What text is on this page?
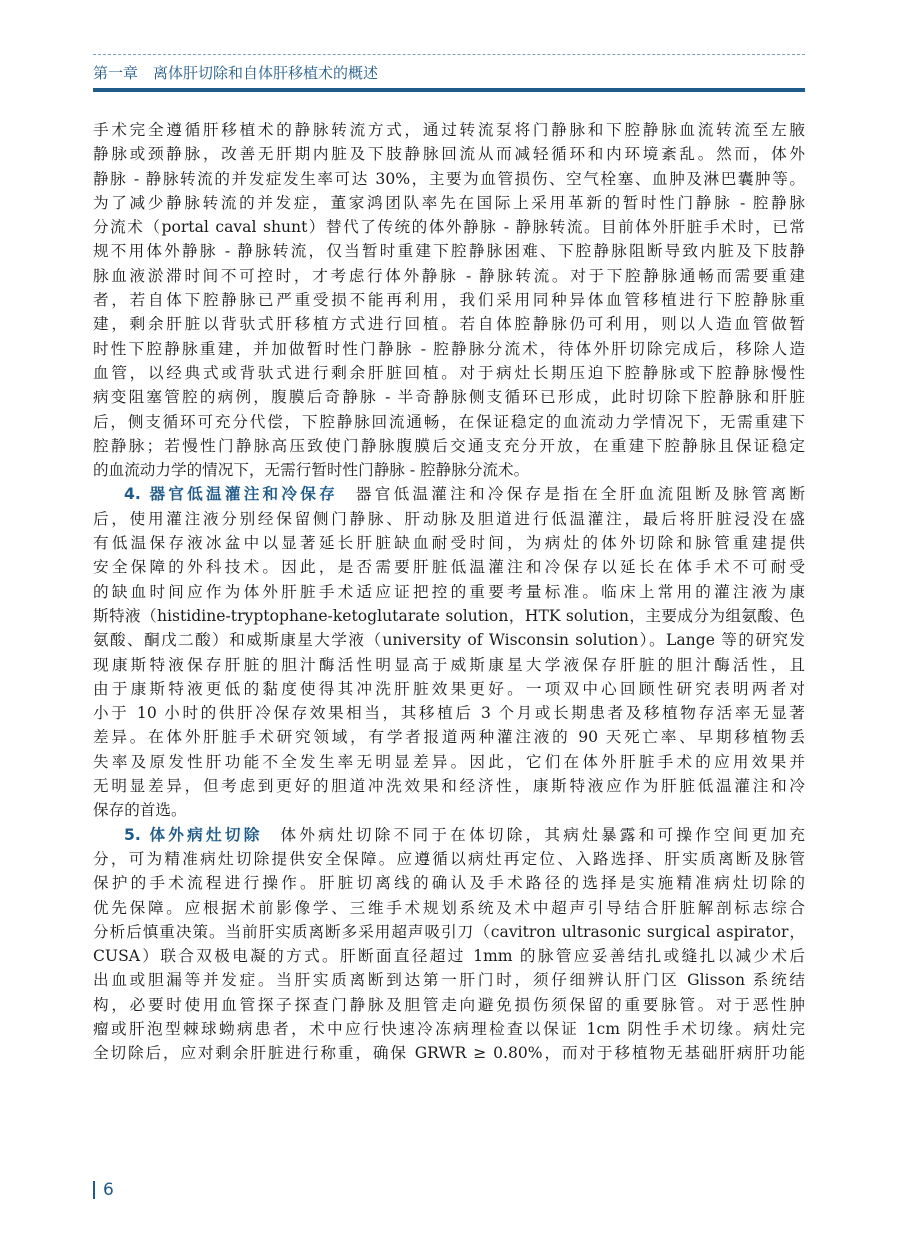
第一章　离体肝切除和自体肝移植术的概述
手术完全遵循肝移植术的静脉转流方式，通过转流泵将门静脉和下腔静脉血流转流至左腋
静脉或颈静脉，改善无肝期内脏及下肢静脉回流从而减轻循环和内环境紊乱。然而，体外
静脉 - 静脉转流的并发症发生率可达 30%，主要为血管损伤、空气栓塞、血肿及淋巴囊肿等。
为了减少静脉转流的并发症，董家鸿团队率先在国际上采用革新的暂时性门静脉 - 腔静脉
分流术（portal caval shunt）替代了传统的体外静脉 - 静脉转流。目前体外肝脏手术时，已常
规不用体外静脉 - 静脉转流，仅当暂时重建下腔静脉困难、下腔静脉阻断导致内脏及下肢静
脉血液淤滞时间不可控时，才考虑行体外静脉 - 静脉转流。对于下腔静脉通畅而需要重建
者，若自体下腔静脉已严重受损不能再利用，我们采用同种异体血管移植进行下腔静脉重
建，剩余肝脏以背驮式肝移植方式进行回植。若自体腔静脉仍可利用，则以人造血管做暂
时性下腔静脉重建，并加做暂时性门静脉 - 腔静脉分流术，待体外肝切除完成后，移除人造
血管，以经典式或背驮式进行剩余肝脏回植。对于病灶长期压迫下腔静脉或下腔静脉慢性
病变阻塞管腔的病例，腹膜后奇静脉 - 半奇静脉侧支循环已形成，此时切除下腔静脉和肝脏
后，侧支循环可充分代偿，下腔静脉回流通畅，在保证稳定的血流动力学情况下，无需重建下
腔静脉；若慢性门静脉高压致使门静脉腹膜后交通支充分开放，在重建下腔静脉且保证稳定
的血流动力学的情况下，无需行暂时性门静脉 - 腔静脉分流术。
4. 器官低温灌注和冷保存 器官低温灌注和冷保存是指在全肝血流阻断及脉管离断
后，使用灌注液分别经保留侧门静脉、肝动脉及胆道进行低温灌注，最后将肝脏浸没在盛
有低温保存液冰盆中以显著延长肝脏缺血耐受时间，为病灶的体外切除和脉管重建提供
安全保障的外科技术。因此，是否需要肝脏低温灌注和冷保存以延长在体手术不可耐受
的缺血时间应作为体外肝脏手术适应证把控的重要考量标准。临床上常用的灌注液为康
斯特液（histidine-tryptophane-ketoglutarate solution，HTK solution，主要成分为组氨酸、色
氨酸、酮戊二酸）和威斯康星大学液（university of Wisconsin solution）。Lange 等的研究发
现康斯特液保存肝脏的胆汁酶活性明显高于威斯康星大学液保存肝脏的胆汁酶活性，且
由于康斯特液更低的黏度使得其冲洗肝脏效果更好。一项双中心回顾性研究表明两者对
小于 10 小时的供肝冷保存效果相当，其移植后 3 个月或长期患者及移植物存活率无显著
差异。在体外肝脏手术研究领域，有学者报道两种灌注液的 90 天死亡率、早期移植物丢
失率及原发性肝功能不全发生率无明显差异。因此，它们在体外肝脏手术的应用效果并
无明显差异，但考虑到更好的胆道冲洗效果和经济性，康斯特液应作为肝脏低温灌注和冷
保存的首选。
5. 体外病灶切除 体外病灶切除不同于在体切除，其病灶暴露和可操作空间更加充
分，可为精准病灶切除提供安全保障。应遵循以病灶再定位、入路选择、肝实质离断及脉管
保护的手术流程进行操作。肝脏切离线的确认及手术路径的选择是实施精准病灶切除的
优先保障。应根据术前影像学、三维手术规划系统及术中超声引导结合肝脏解剖标志综合
分析后慎重决策。当前肝实质离断多采用超声吸引刀（cavitron ultrasonic surgical aspirator，
CUSA）联合双极电凝的方式。肝断面直径超过 1mm 的脉管应妥善结扎或缝扎以减少术后
出血或胆漏等并发症。当肝实质离断到达第一肝门时，须仔细辨认肝门区 Glisson 系统结
构，必要时使用血管探子探查门静脉及胆管走向避免损伤须保留的重要脉管。对于恶性肿
瘤或肝泡型棘球蚴病患者，术中应行快速冷冻病理检查以保证 1cm 阴性手术切缘。病灶完
全切除后，应对剩余肝脏进行称重，确保 GRWR ≥ 0.80%，而对于移植物无基础肝病肝功能
6
